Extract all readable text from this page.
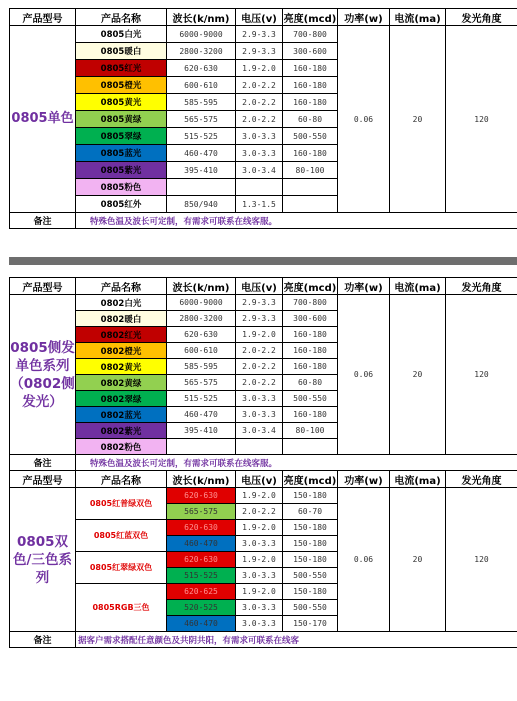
产品型号	产品名称	波长(k/nm)	电压(v)	亮度(mcd)	功率(w)	电流(ma)	发光角度
0805单色	0805白光	6000-9000	2.9-3.3	700-800	0.06	20	120
	0805暖白	2800-3200	2.9-3.3	300-600			
	0805红光	620-630	1.9-2.0	160-180			
	0805橙光	600-610	2.0-2.2	160-180			
	0805黄光	585-595	2.0-2.2	160-180			
	0805黄绿	565-575	2.0-2.2	60-80			
	0805翠绿	515-525	3.0-3.3	500-550			
	0805蓝光	460-470	3.0-3.3	160-180			
	0805紫光	395-410	3.0-3.4	80-100			
	0805粉色						
	0805红外	850/940	1.3-1.5				
备注	特殊色温及波长可定制，有需求可联系在线客服。						
产品型号	产品名称	波长(k/nm)	电压(v)	亮度(mcd)	功率(w)	电流(ma)	发光角度
0805侧发单色系列（0802侧发光）	0802白光	6000-9000	2.9-3.3	700-800	0.06	20	120
	0802暖白	2800-3200	2.9-3.3	300-600			
	0802红光	620-630	1.9-2.0	160-180			
	0802橙光	600-610	2.0-2.2	160-180			
	0802黄光	585-595	2.0-2.2	160-180			
	0802黄绿	565-575	2.0-2.2	60-80			
	0802翠绿	515-525	3.0-3.3	500-550			
	0802蓝光	460-470	3.0-3.3	160-180			
	0802紫光	395-410	3.0-3.4	80-100			
	0802粉色						
备注	特殊色温及波长可定制，有需求可联系在线客服。						
产品型号	产品名称	波长(k/nm)	电压(v)	亮度(mcd)	功率(w)	电流(ma)	发光角度
0805双色/三色系列	0805红普绿双色	620-630	1.9-2.0	150-180	0.06	20	120
		565-575	2.0-2.2	60-70			
	0805红蓝双色	620-630	1.9-2.0	150-180			
		460-470	3.0-3.3	150-180			
	0805红翠绿双色	620-630	1.9-2.0	150-180			
		515-525	3.0-3.3	500-550			
	0805RGB三色	620-625	1.9-2.0	150-180			
		520-525	3.0-3.3	500-550			
		460-470	3.0-3.3	150-170			
备注	据客户需求搭配任意颜色及共阴共阳，有需求可联系在线客						
